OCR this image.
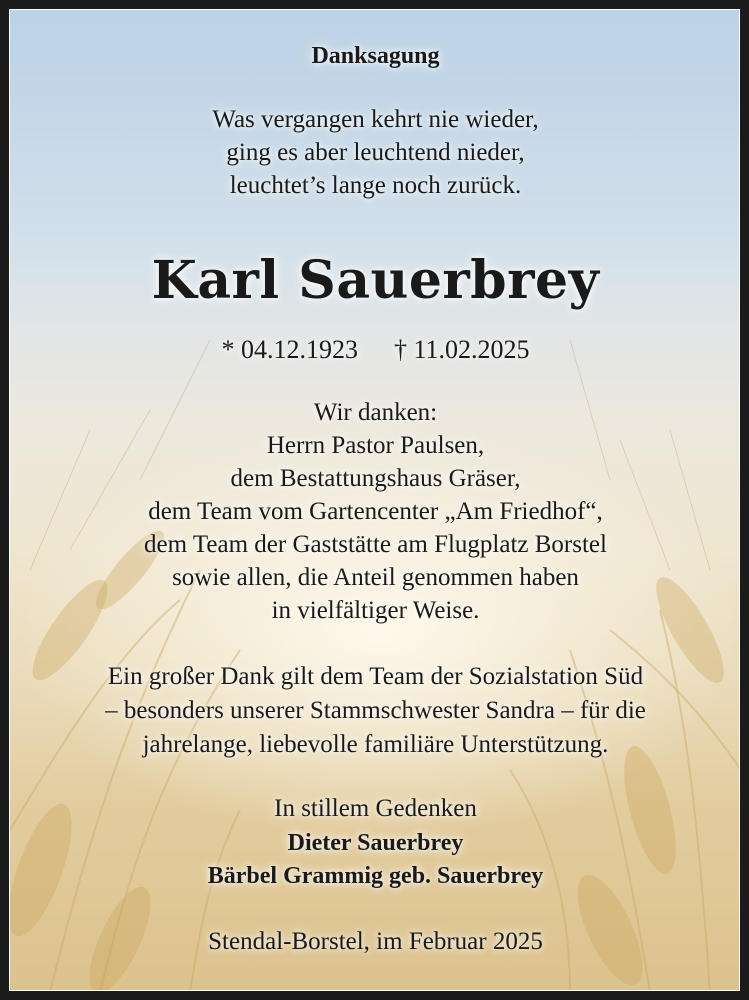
Danksagung

Was vergangen kehrt nie wieder,

ging es aber leuchtend nieder,

leuchtet’s lange noch zurück.

Karl Sauerbrey

* 04.12.1923 † 11.02.2025

Wir danken:

Herrn Pastor Paulsen,

dem Bestattungshaus Gräser,

dem Team vom Gartencenter „Am Friedhof“,

dem Team der Gaststätte am Flugplatz Borstel

sowie allen, die Anteil genommen haben

in vielfältiger Weise.

Ein großer Dank gilt dem Team der Sozialstation Süd

– besonders unserer Stammschwester Sandra – für die

jahrelange, liebevolle familiäre Unterstützung.

In stillem Gedenken

Dieter Sauerbrey

Bärbel Grammig geb. Sauerbrey

Stendal-Borstel, im Februar 2025
